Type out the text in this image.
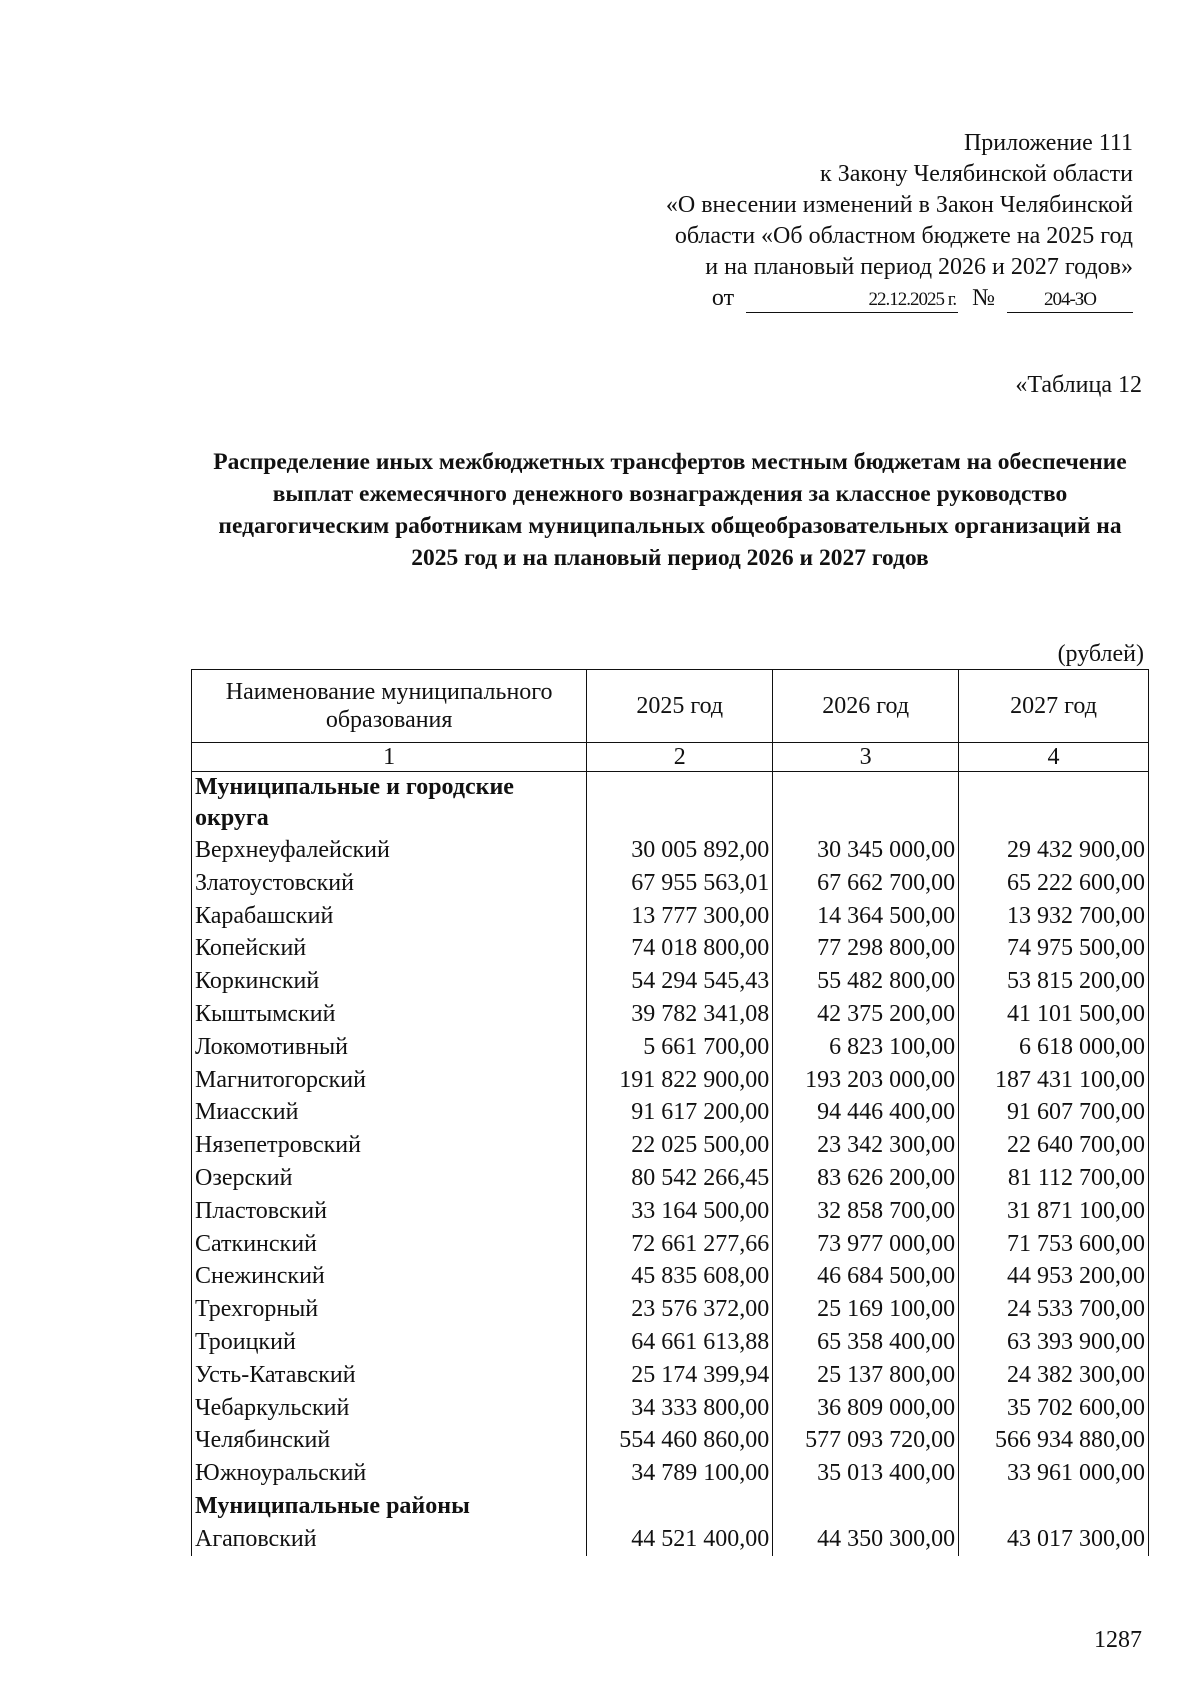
Приложение 111
к Закону Челябинской области
«О внесении изменений в Закон Челябинской
области «Об областном бюджете на 2025 год
и на плановый период 2026 и 2027 годов»
от	22.12.2025 г. №	204-ЗО
«Таблица 12
Распределение иных межбюджетных трансфертов местным бюджетам на обеспечение выплат ежемесячного денежного вознаграждения за классное руководство педагогическим работникам муниципальных общеобразовательных организаций на 2025 год и на плановый период 2026 и 2027 годов
(рублей)
Наименование муниципального образования	2025 год	2026 год	2027 год
1	2	3	4
Муниципальные и городские округа			
Верхнеуфалейский	30 005 892,00	30 345 000,00	29 432 900,00
Златоустовский	67 955 563,01	67 662 700,00	65 222 600,00
Карабашский	13 777 300,00	14 364 500,00	13 932 700,00
Копейский	74 018 800,00	77 298 800,00	74 975 500,00
Коркинский	54 294 545,43	55 482 800,00	53 815 200,00
Кыштымский	39 782 341,08	42 375 200,00	41 101 500,00
Локомотивный	5 661 700,00	6 823 100,00	6 618 000,00
Магнитогорский	191 822 900,00	193 203 000,00	187 431 100,00
Миасский	91 617 200,00	94 446 400,00	91 607 700,00
Нязепетровский	22 025 500,00	23 342 300,00	22 640 700,00
Озерский	80 542 266,45	83 626 200,00	81 112 700,00
Пластовский	33 164 500,00	32 858 700,00	31 871 100,00
Саткинский	72 661 277,66	73 977 000,00	71 753 600,00
Снежинский	45 835 608,00	46 684 500,00	44 953 200,00
Трехгорный	23 576 372,00	25 169 100,00	24 533 700,00
Троицкий	64 661 613,88	65 358 400,00	63 393 900,00
Усть-Катавский	25 174 399,94	25 137 800,00	24 382 300,00
Чебаркульский	34 333 800,00	36 809 000,00	35 702 600,00
Челябинский	554 460 860,00	577 093 720,00	566 934 880,00
Южноуральский	34 789 100,00	35 013 400,00	33 961 000,00
Муниципальные районы			
Агаповский	44 521 400,00	44 350 300,00	43 017 300,00
1287
